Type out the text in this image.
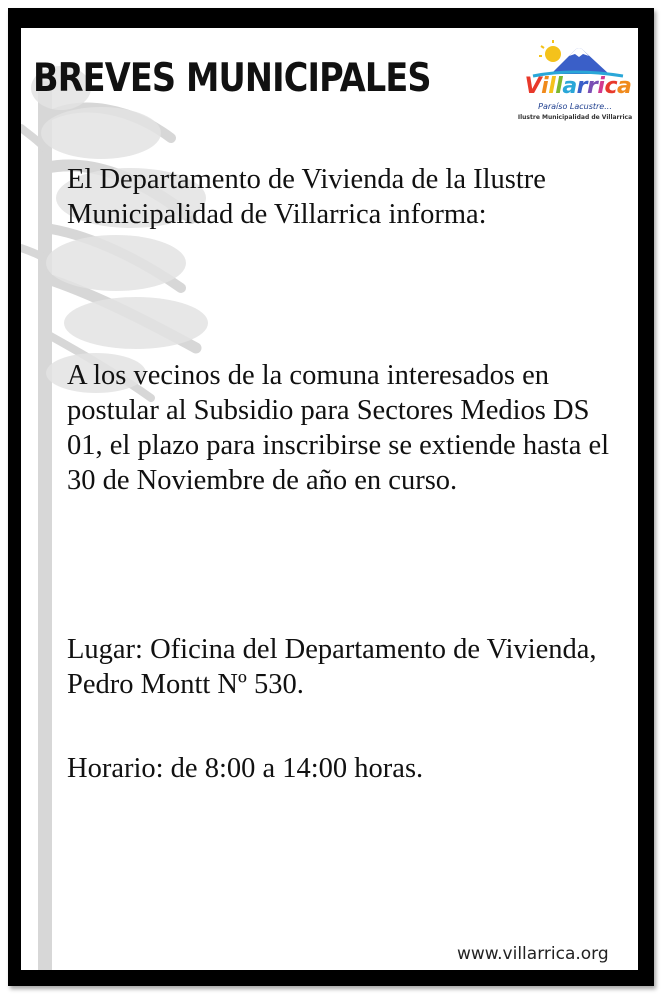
BREVES MUNICIPALES	Villarrica
Paraíso Lacustre...
Ilustre Municipalidad de Villarrica

El Departamento de Vivienda de la Ilustre Municipalidad de Villarrica informa:

A los vecinos de la comuna interesados en postular al Subsidio para Sectores Medios DS 01, el plazo para inscribirse se extiende hasta el 30 de Noviembre de año en curso.

Lugar: Oficina del Departamento de Vivienda, Pedro Montt Nº 530.

Horario: de 8:00 a 14:00 horas.

www.villarrica.org
